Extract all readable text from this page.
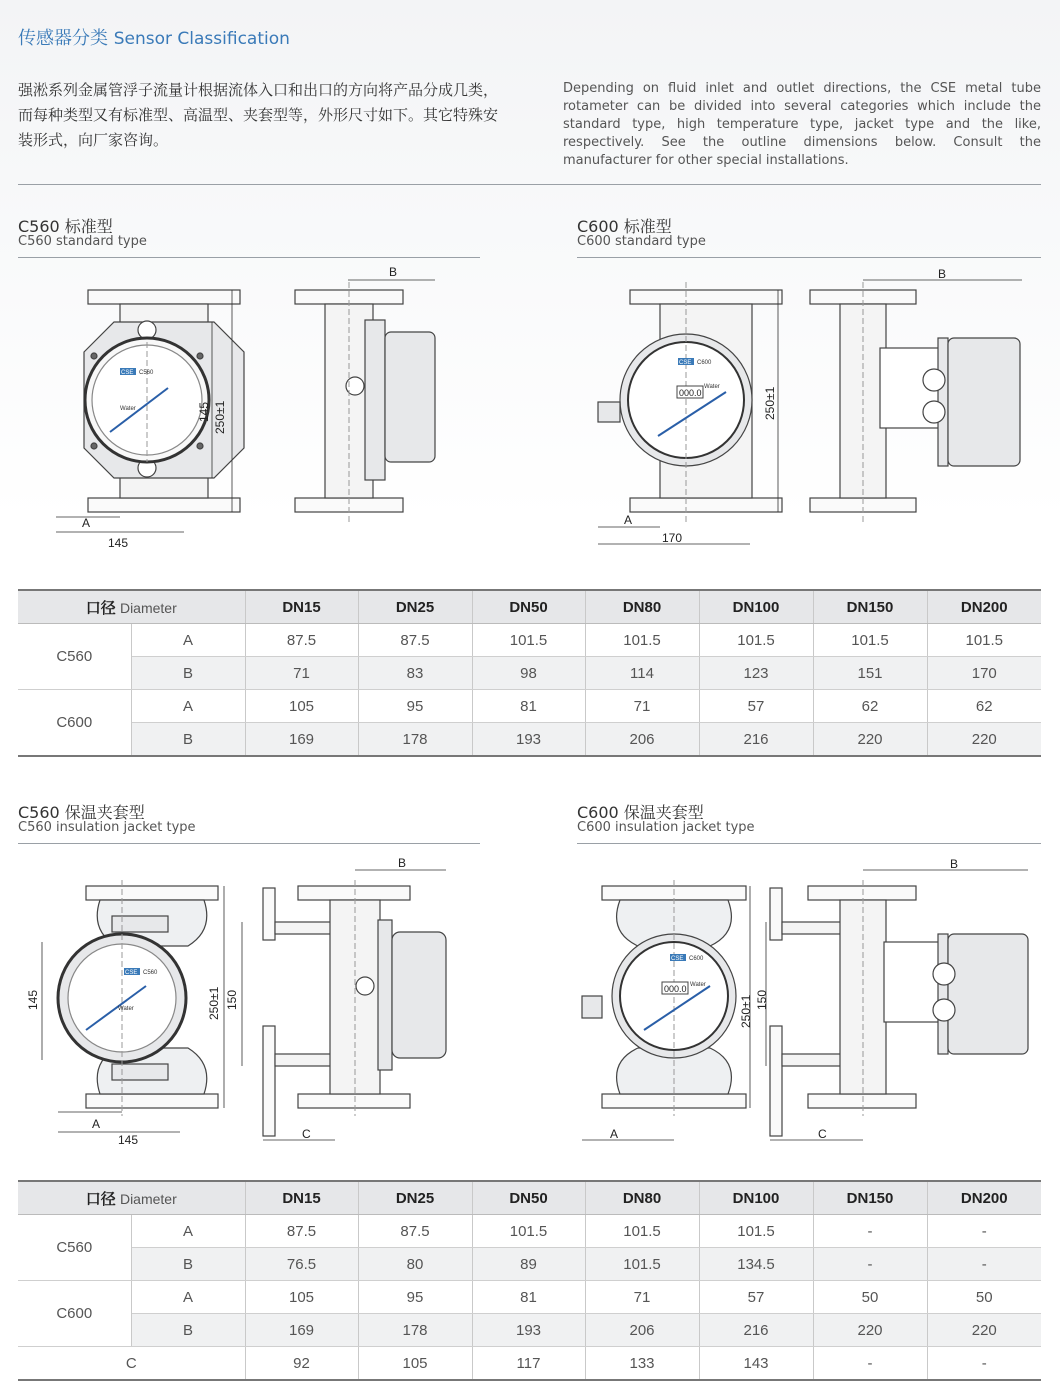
传感器分类 Sensor Classification
强淞系列金属管浮子流量计根据流体入口和出口的方向将产品分成几类，而每种类型又有标准型、高温型、夹套型等，外形尺寸如下。其它特殊安装形式，向厂家咨询。
Depending on fluid inlet and outlet directions, the CSE metal tube rotameter can be divided into several categories which include the standard type, high temperature type, jacket type and the like, respectively. See the outline dimensions below. Consult the manufacturer for other special installations.
C560 标准型
C560 standard type
C600 标准型
C600 standard type
CSE C560
Water	145 250±1
A
145
B
CSE C600
000.0
Water	250±1
A
170
B
口径 Diameter		DN15	DN25	DN50	DN80	DN100	DN150	DN200
C560	A	87.5	87.5	101.5	101.5	101.5	101.5	101.5
	B	71	83	98	114	123	151	170
C600	A	105	95	81	71	57	62	62
	B	169	178	193	206	216	220	220
C560 保温夹套型
C560 insulation jacket type
C600 保温夹套型
C600 insulation jacket type
CSE C560
Water
145	250±1 150
A
145	C
B
CSE C600
000.0 Water
250±1 150
A	C
B
口径 Diameter		DN15	DN25	DN50	DN80	DN100	DN150	DN200
C560	A	87.5	87.5	101.5	101.5	101.5	-	-
	B	76.5	80	89	101.5	134.5	-	-
C600	A	105	95	81	71	57	50	50
	B	169	178	193	206	216	220	220
C		92	105	117	133	143	-	-
